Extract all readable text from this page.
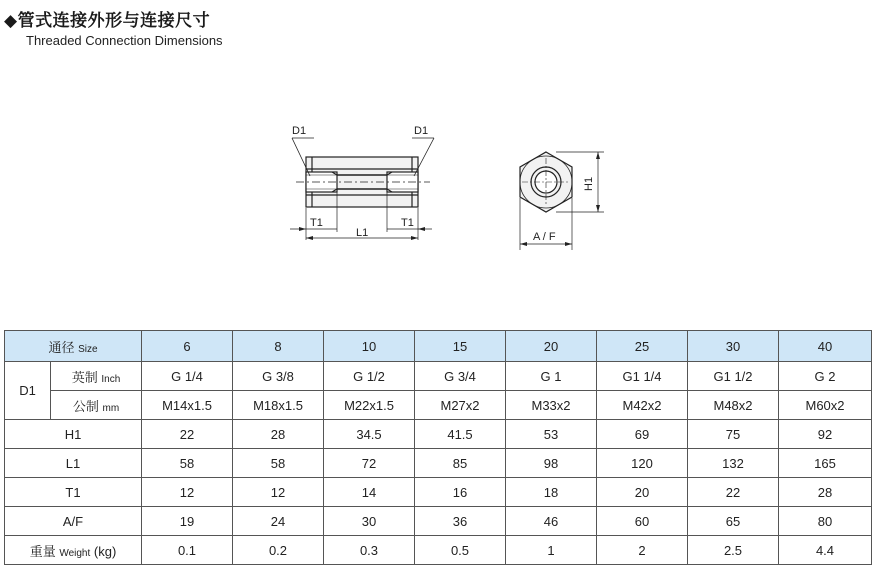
◆管式连接外形与连接尺寸
Threaded Connection Dimensions
D1	D1
T1	T1
L1
H1
A / F
通径 Size		6	8	10	15	20	25	30	40
D1	英制 Inch	G 1/4	G 3/8	G 1/2	G 3/4	G 1	G1 1/4	G1 1/2	G 2
	公制 mm	M14x1.5	M18x1.5	M22x1.5	M27x2	M33x2	M42x2	M48x2	M60x2
H1		22	28	34.5	41.5	53	69	75	92
L1		58	58	72	85	98	120	132	165
T1		12	12	14	16	18	20	22	28
A/F		19	24	30	36	46	60	65	80
重量 Weight (kg)		0.1	0.2	0.3	0.5	1	2	2.5	4.4
